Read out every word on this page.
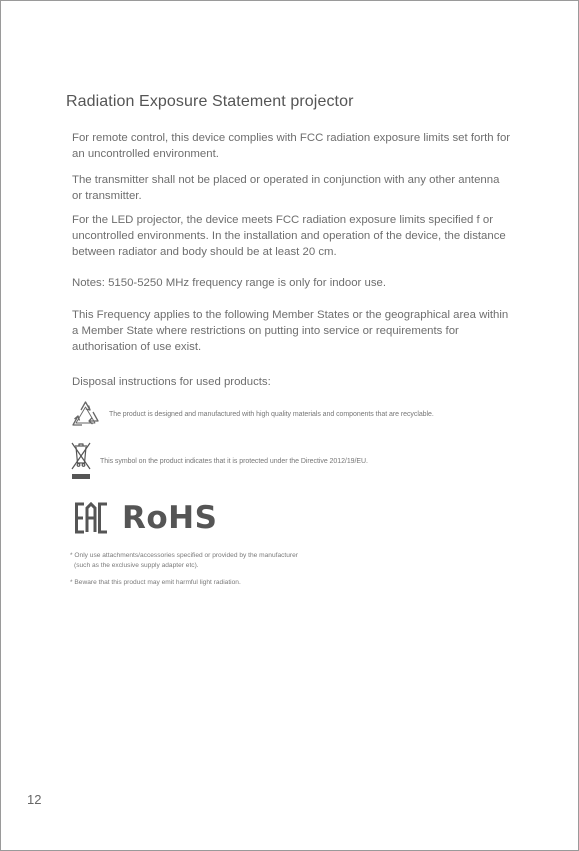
Radiation Exposure Statement projector

For remote control, this device complies with FCC radiation exposure limits set forth for an uncontrolled environment.

The transmitter shall not be placed or operated in conjunction with any other antenna or transmitter.

For the LED projector, the device meets FCC radiation exposure limits specified f or uncontrolled environments. In the installation and operation of the device, the distance between radiator and body should be at least 20 cm.

Notes: 5150-5250 MHz frequency range is only for indoor use.

This Frequency applies to the following Member States or the geographical area within a Member State where restrictions on putting into service or requirements for authorisation of use exist.

Disposal instructions for used products:

The product is designed and manufactured with high quality materials and components that are recyclable.
This symbol on the product indicates that it is protected under the Directive 2012/19/EU.
RoHS

* Only use attachments/accessories specified or provided by the manufacturer
(such as the exclusive supply adapter etc).

* Beware that this product may emit harmful light radiation.

12
